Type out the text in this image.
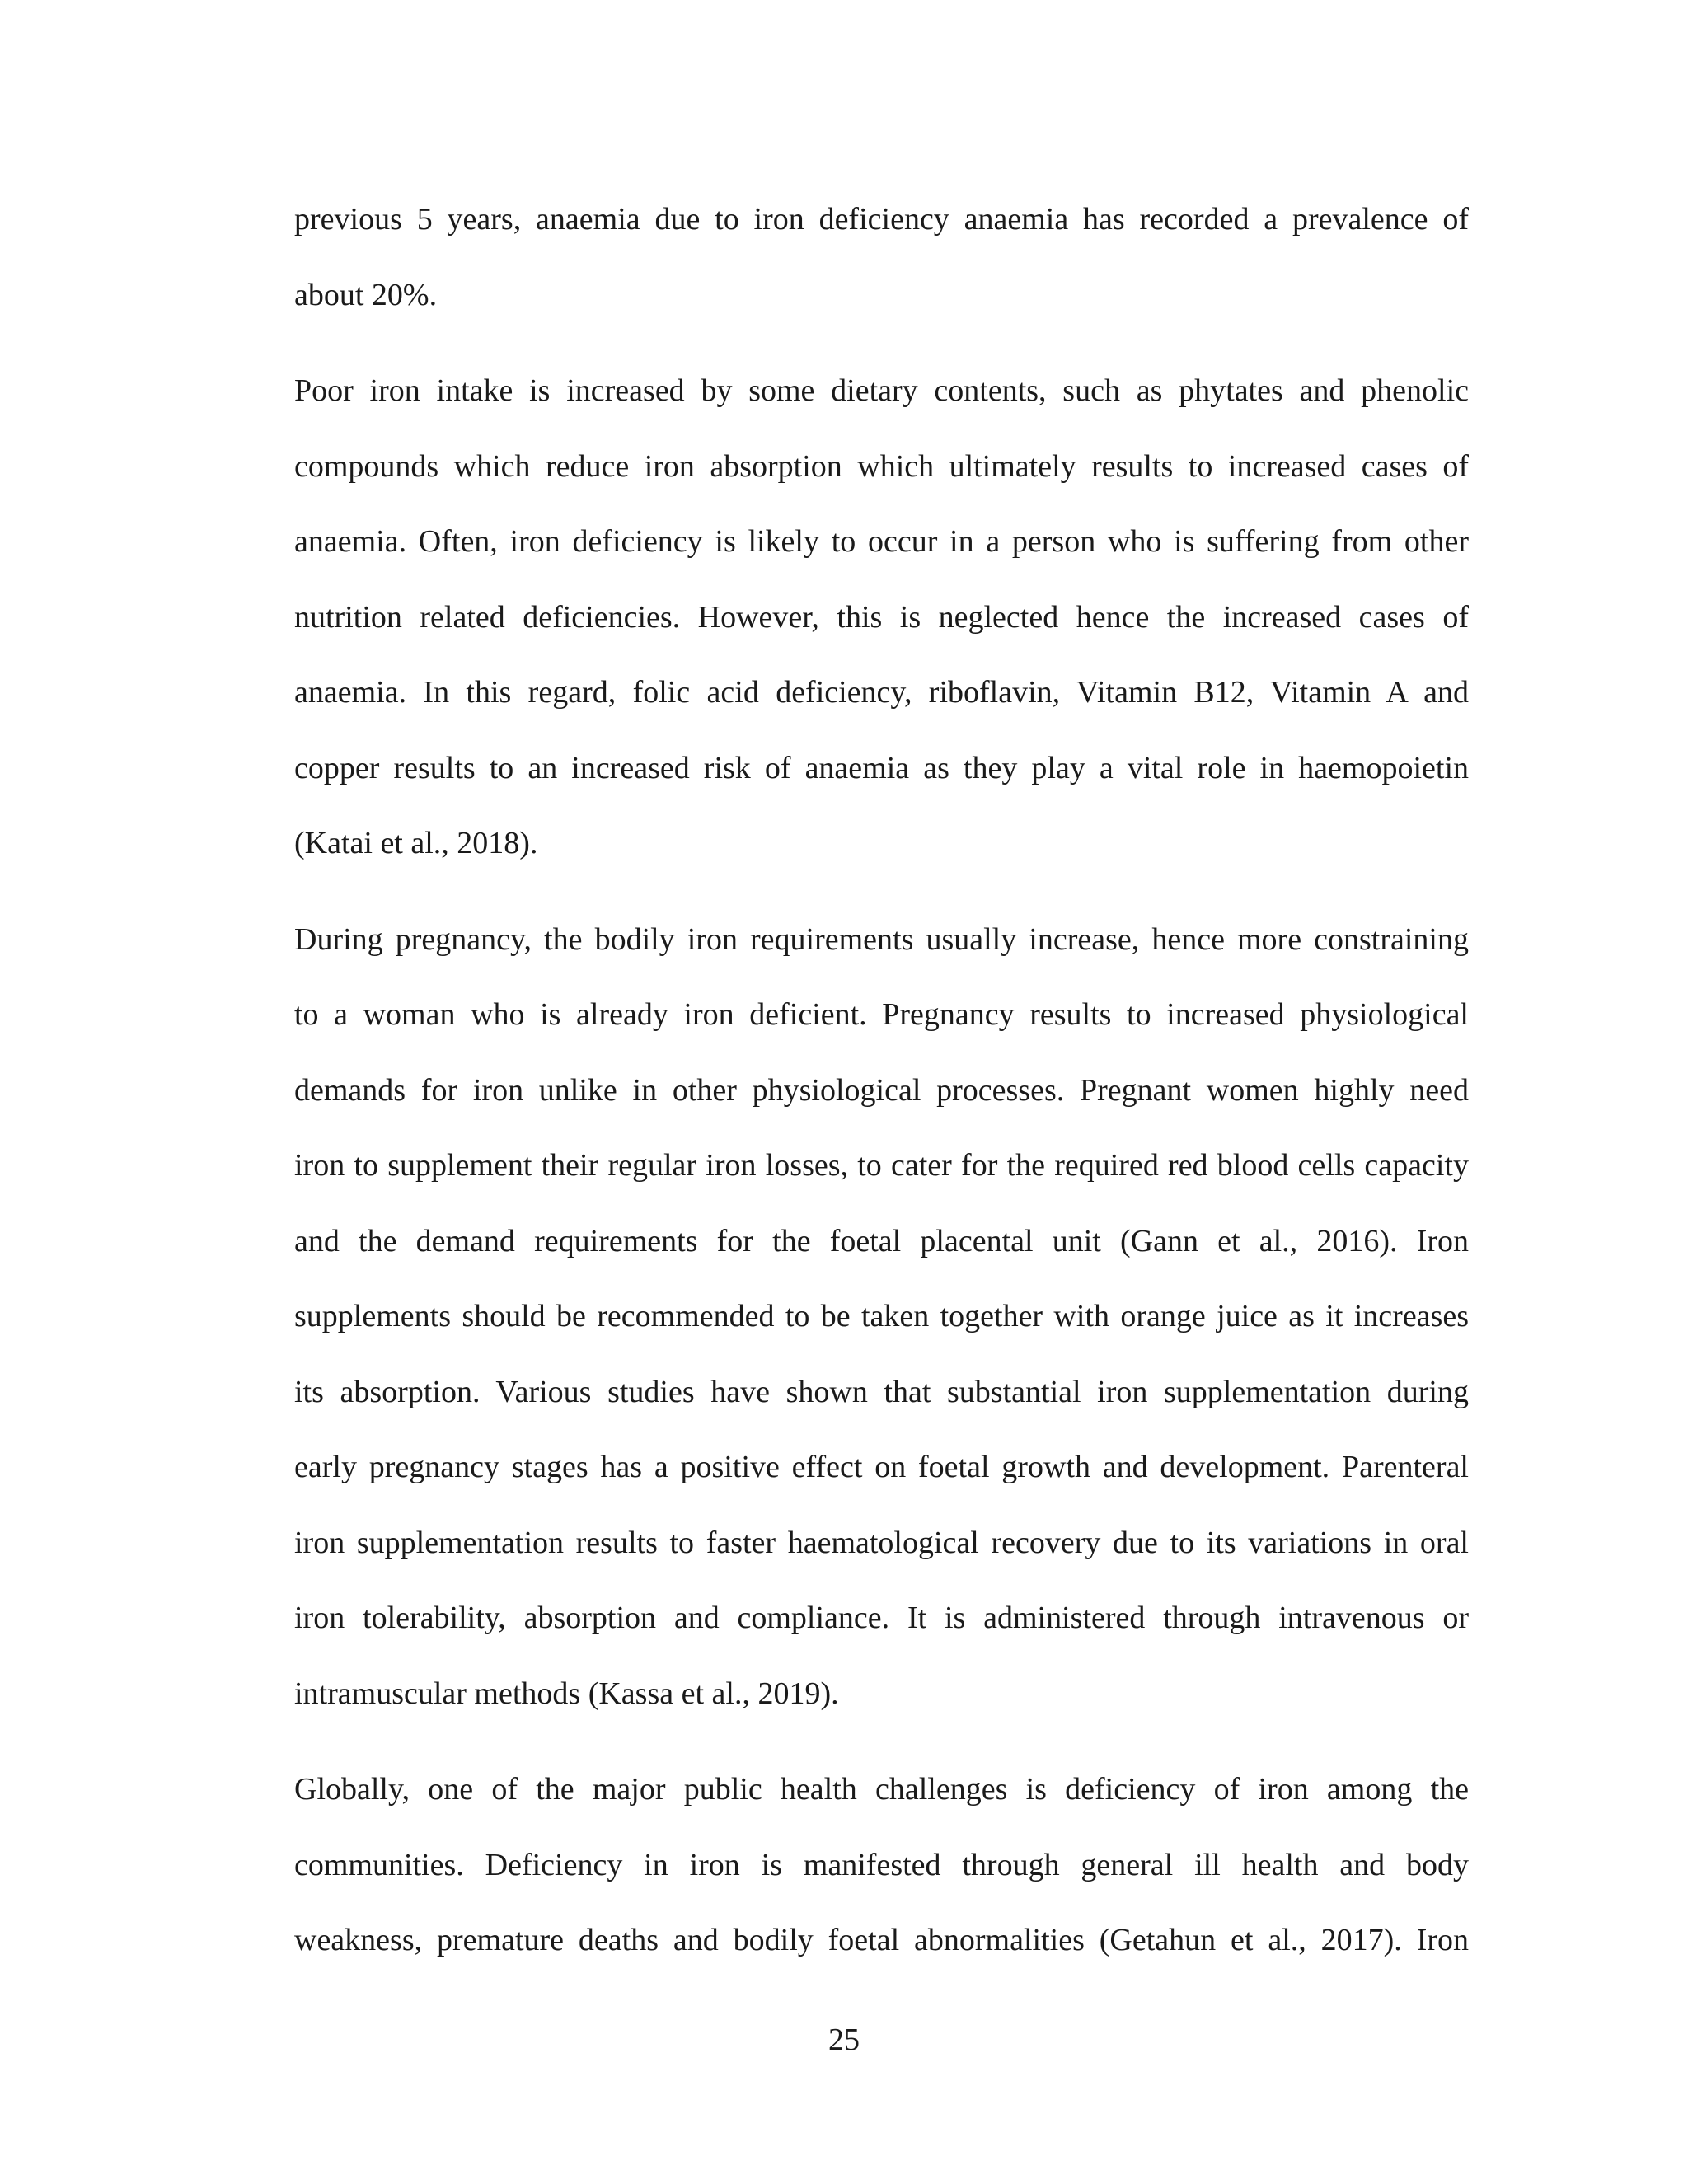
previous 5 years, anaemia due to iron deficiency anaemia has recorded a prevalence of
about 20%.
Poor iron intake is increased by some dietary contents, such as phytates and phenolic
compounds which reduce iron absorption which ultimately results to increased cases of
anaemia. Often, iron deficiency is likely to occur in a person who is suffering from other
nutrition related deficiencies. However, this is neglected hence the increased cases of
anaemia. In this regard, folic acid deficiency, riboflavin, Vitamin B12, Vitamin A and
copper results to an increased risk of anaemia as they play a vital role in haemopoietin
(Katai et al., 2018).
During pregnancy, the bodily iron requirements usually increase, hence more constraining
to a woman who is already iron deficient. Pregnancy results to increased physiological
demands for iron unlike in other physiological processes. Pregnant women highly need
iron to supplement their regular iron losses, to cater for the required red blood cells capacity
and the demand requirements for the foetal placental unit (Gann et al., 2016). Iron
supplements should be recommended to be taken together with orange juice as it increases
its absorption. Various studies have shown that substantial iron supplementation during
early pregnancy stages has a positive effect on foetal growth and development. Parenteral
iron supplementation results to faster haematological recovery due to its variations in oral
iron tolerability, absorption and compliance. It is administered through intravenous or
intramuscular methods (Kassa et al., 2019).
Globally, one of the major public health challenges is deficiency of iron among the
communities. Deficiency in iron is manifested through general ill health and body
weakness, premature deaths and bodily foetal abnormalities (Getahun et al., 2017). Iron
25
